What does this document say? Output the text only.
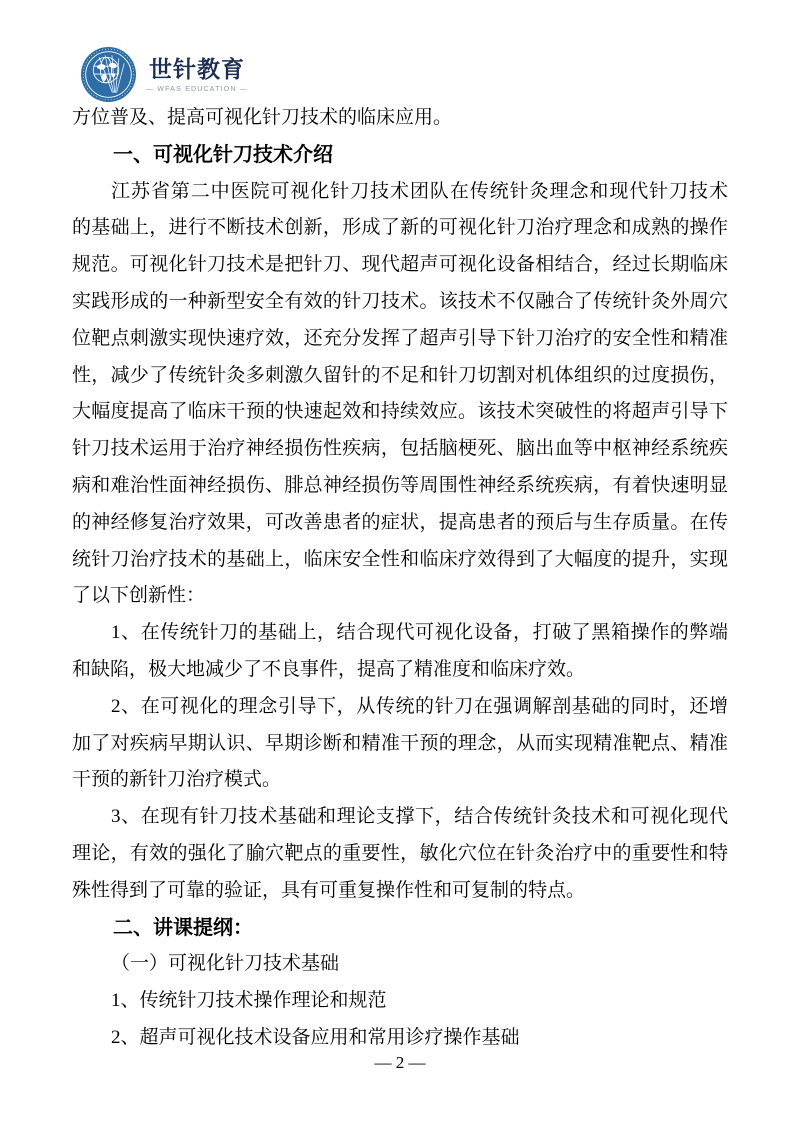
世针教育
— WFAS EDUCATION —
方位普及、提高可视化针刀技术的临床应用。
一、可视化针刀技术介绍
江苏省第二中医院可视化针刀技术团队在传统针灸理念和现代针刀技术
的基础上，进行不断技术创新，形成了新的可视化针刀治疗理念和成熟的操作
规范。可视化针刀技术是把针刀、现代超声可视化设备相结合，经过长期临床
实践形成的一种新型安全有效的针刀技术。该技术不仅融合了传统针灸外周穴
位靶点刺激实现快速疗效，还充分发挥了超声引导下针刀治疗的安全性和精准
性，减少了传统针灸多刺激久留针的不足和针刀切割对机体组织的过度损伤，
大幅度提高了临床干预的快速起效和持续效应。该技术突破性的将超声引导下
针刀技术运用于治疗神经损伤性疾病，包括脑梗死、脑出血等中枢神经系统疾
病和难治性面神经损伤、腓总神经损伤等周围性神经系统疾病，有着快速明显
的神经修复治疗效果，可改善患者的症状，提高患者的预后与生存质量。在传
统针刀治疗技术的基础上，临床安全性和临床疗效得到了大幅度的提升，实现
了以下创新性：
1、在传统针刀的基础上，结合现代可视化设备，打破了黑箱操作的弊端
和缺陷，极大地减少了不良事件，提高了精准度和临床疗效。
2、在可视化的理念引导下，从传统的针刀在强调解剖基础的同时，还增
加了对疾病早期认识、早期诊断和精准干预的理念，从而实现精准靶点、精准
干预的新针刀治疗模式。
3、在现有针刀技术基础和理论支撑下，结合传统针灸技术和可视化现代
理论，有效的强化了腧穴靶点的重要性，敏化穴位在针灸治疗中的重要性和特
殊性得到了可靠的验证，具有可重复操作性和可复制的特点。
二、讲课提纲：
（一）可视化针刀技术基础
1、传统针刀技术操作理论和规范
2、超声可视化技术设备应用和常用诊疗操作基础
— 2 —
